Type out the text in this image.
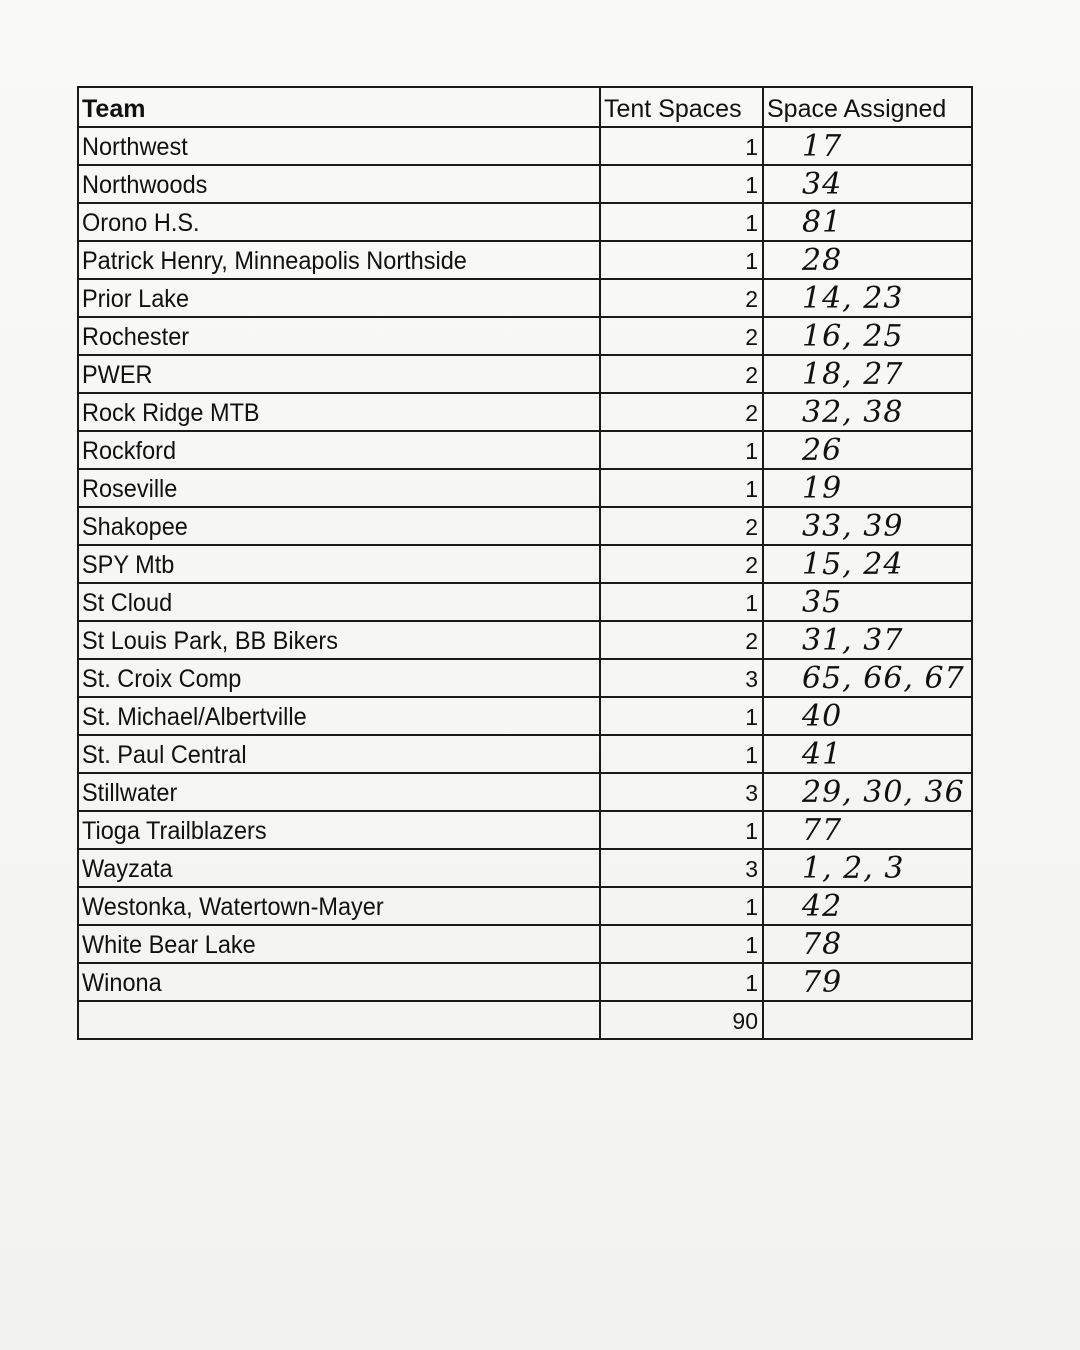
Team	Tent Spaces	Space Assigned
Northwest	1	17
Northwoods	1	34
Orono H.S.	1	81
Patrick Henry, Minneapolis Northside	1	28
Prior Lake	2	14, 23
Rochester	2	16, 25
PWER	2	18, 27
Rock Ridge MTB	2	32, 38
Rockford	1	26
Roseville	1	19
Shakopee	2	33, 39
SPY Mtb	2	15, 24
St Cloud	1	35
St Louis Park, BB Bikers	2	31, 37
St. Croix Comp	3	65, 66, 67
St. Michael/Albertville	1	40
St. Paul Central	1	41
Stillwater	3	29, 30, 36
Tioga Trailblazers	1	77
Wayzata	3	1, 2, 3
Westonka, Watertown-Mayer	1	42
White Bear Lake	1	78
Winona	1	79
	90	
